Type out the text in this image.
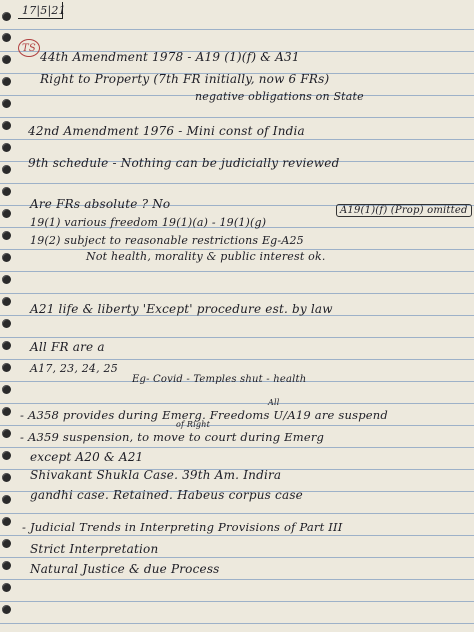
17|5|21
TS
44th Amendment 1978 - A19 (1)(f) & A31
Right to Property (7th FR initially, now 6 FRs)
negative obligations on State
42nd Amendment 1976 - Mini const of India
9th schedule - Nothing can be judicially reviewed
Are FRs absolute ? No
19(1) various freedom 19(1)(a) - 19(1)(g)
A19(1)(f) (Prop) omitted
19(2) subject to reasonable restrictions Eg-A25
Not health, morality & public interest ok.
A21 life & liberty 'Except' procedure est. by law
All FR are a
A17, 23, 24, 25
Eg- Covid - Temples shut - health
All
- A358 provides during Emerg. Freedoms U/A19 are suspend
of Right
- A359 suspension, to move to court during Emerg
except A20 & A21
Shivakant Shukla Case. 39th Am. Indira
gandhi case. Retained. Habeus corpus case
- Judicial Trends in Interpreting Provisions of Part III
Strict Interpretation
Natural Justice & due Process
